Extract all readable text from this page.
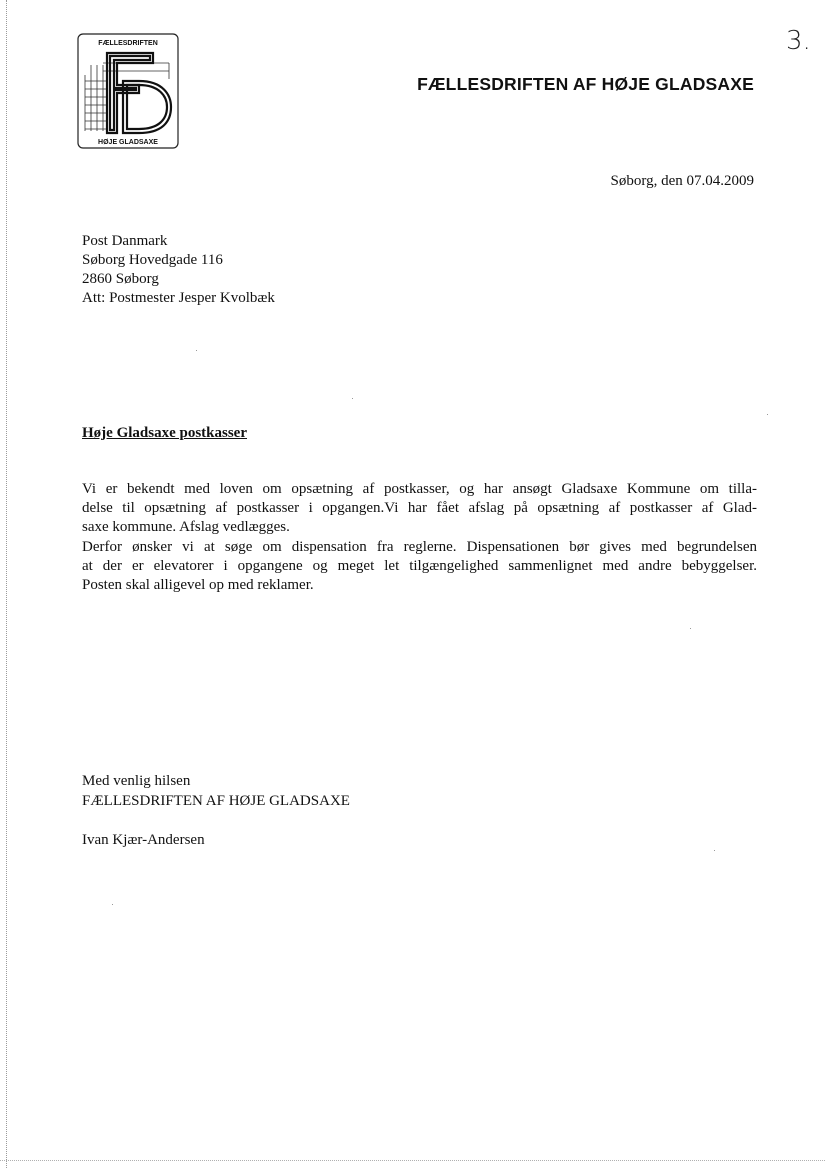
3.
FÆLLESDRIFTEN
HØJE GLADSAXE
FÆLLESDRIFTEN AF HØJE GLADSAXE
Søborg, den 07.04.2009
Post Danmark
Søborg Hovedgade 116
2860 Søborg
Att: Postmester Jesper Kvolbæk
Høje Gladsaxe postkasser
Vi er bekendt med loven om opsætning af postkasser, og har ansøgt Gladsaxe Kommune om tilla-
delse til opsætning af postkasser i opgangen.Vi har fået afslag på opsætning af postkasser af Glad-
saxe kommune. Afslag vedlægges.
Derfor ønsker vi at søge om dispensation fra reglerne. Dispensationen bør gives med begrundelsen
at der er elevatorer i opgangene og meget let tilgængelighed sammenlignet med andre bebyggelser.
Posten skal alligevel op med reklamer.
Med venlig hilsen
FÆLLESDRIFTEN AF HØJE GLADSAXE
Ivan Kjær-Andersen
